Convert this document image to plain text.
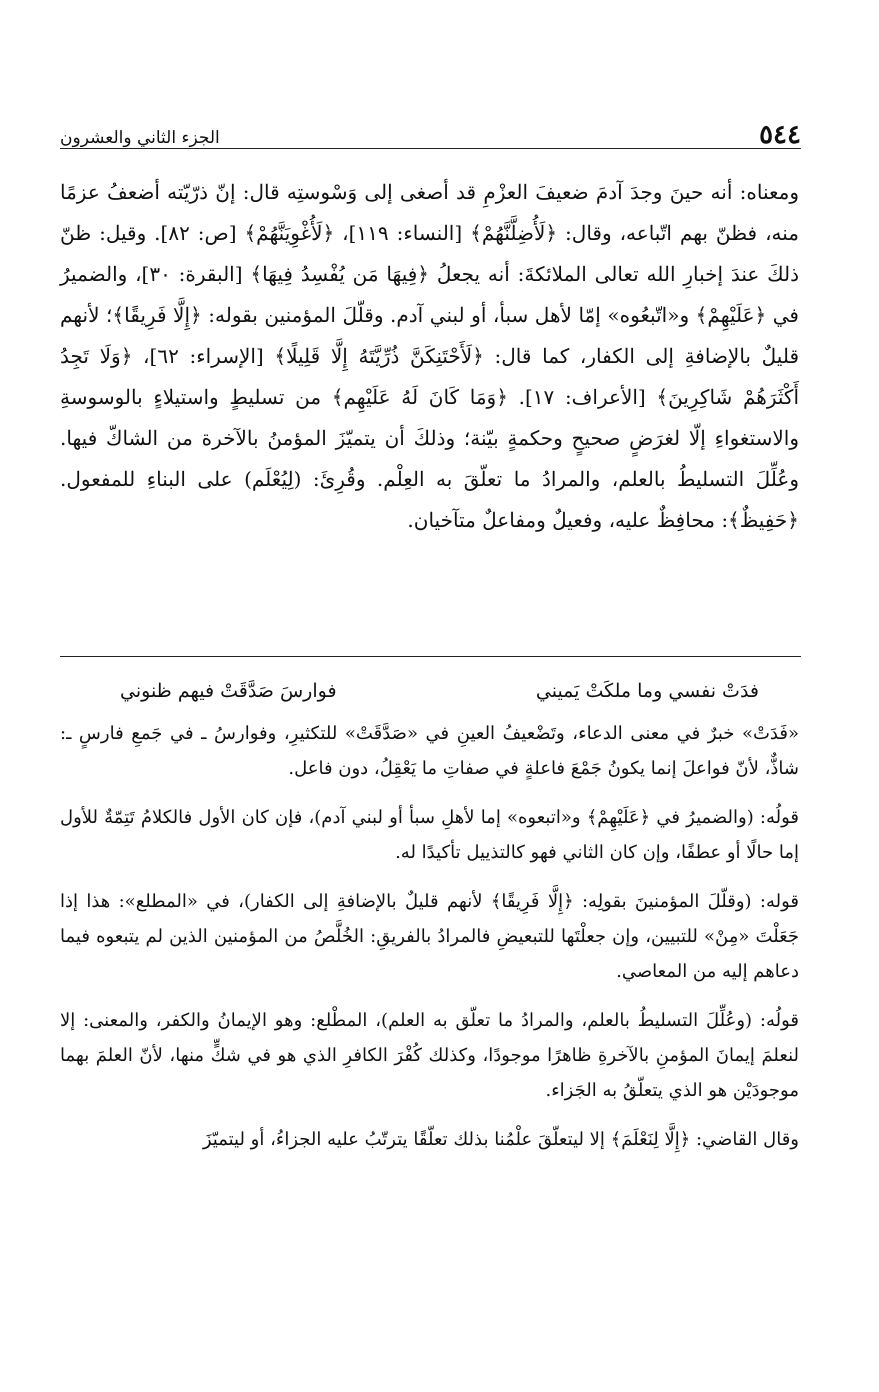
٥٤٤
الجزء الثاني والعشرون

ومعناه: أنه حينَ وجدَ آدمَ ضعيفَ العزْمِ قد أصغى إلى وَسْوستِه قال: إنّ ذرّيّته أضعفُ عزمًا منه، فظنّ بهم اتّباعه، وقال: ﴿لَأُضِلَّنَّهُمْ﴾ [النساء: ١١٩]، ﴿لَأُغْوِيَنَّهُمْ﴾ [ص: ٨٢]. وقيل: ظنّ ذلكَ عندَ إخبارِ الله تعالى الملائكةَ: أنه يجعلُ ﴿فِيهَا مَن يُفْسِدُ فِيهَا﴾ [البقرة: ٣٠]، والضميرُ في ﴿عَلَيْهِمْ﴾ و«اتّبعُوه» إمّا لأهل سبأ، أو لبني آدم. وقلّلَ المؤمنين بقوله: ﴿إِلَّا فَرِيقًا﴾؛ لأنهم قليلٌ بالإضافةِ إلى الكفار، كما قال: ﴿لَأَحْتَنِكَنَّ ذُرِّيَّتَهُ إِلَّا قَلِيلًا﴾ [الإسراء: ٦٢]، ﴿وَلَا تَجِدُ أَكْثَرَهُمْ شَاكِرِينَ﴾ [الأعراف: ١٧]. ﴿وَمَا كَانَ لَهُ عَلَيْهِم﴾ من تسليطٍ واستيلاءٍ بالوسوسةِ والاستغواءِ إلّا لغرَضٍ صحيحٍ وحكمةٍ بيّنة؛ وذلكَ أن يتميّزَ المؤمنُ بالآخرة من الشاكّ فيها. وعُلِّلَ التسليطُ بالعلم، والمرادُ ما تعلّقَ به العِلْم. وقُرِئَ: (لِيُعْلَم) على البناءِ للمفعول. ﴿حَفِيظٌ﴾: محافِظٌ عليه، وفعيلٌ ومفاعلٌ متآخيان.

فدَتْ نفسي وما ملكَتْ يَميني
فوارسَ صَدَّقَتْ فيهم ظنوني

«فَدَتْ» خبرٌ في معنى الدعاء، وتَضْعيفُ العينِ في «صَدَّقَتْ» للتكثيرِ، وفوارسُ ـ في جَمعِ فارسٍ ـ: شاذٌّ، لأنّ فواعلَ إنما يكونُ جَمْعَ فاعلةٍ في صفاتِ ما يَعْقِلُ، دون فاعل.

قولُه: (والضميرُ في ﴿عَلَيْهِمْ﴾ و«اتبعوه» إما لأهلِ سبأ أو لبني آدم)، فإن كان الأول فالكلامُ تَتِمّةٌ للأول إما حالًا أو عطفًا، وإن كان الثاني فهو كالتذييل تأكيدًا له.

قوله: (وقلّلَ المؤمنينَ بقولِه: ﴿إِلَّا فَرِيقًا﴾ لأنهم قليلٌ بالإضافةِ إلى الكفار)، في «المطلع»: هذا إذا جَعَلْتَ «مِنْ» للتبيين، وإن جعلْتَها للتبعيضِ فالمرادُ بالفريقِ: الخُلَّصُ من المؤمنين الذين لم يتبعوه فيما دعاهم إليه من المعاصي.

قولُه: (وعُلِّلَ التسليطُ بالعلم، والمرادُ ما تعلّق به العلم)، المطْلع: وهو الإيمانُ والكفر، والمعنى: إلا لنعلمَ إيمانَ المؤمنِ بالآخرةِ ظاهرًا موجودًا، وكذلك كُفْرَ الكافرِ الذي هو في شكٍّ منها، لأنّ العلمَ بهما موجودَيْن هو الذي يتعلّقُ به الجَزاء.

وقال القاضي: ﴿إِلَّا لِنَعْلَمَ﴾ إلا ليتعلّقَ علْمُنا بذلك تعلّقًا يترتّبُ عليه الجزاءُ، أو ليتميّزَ
